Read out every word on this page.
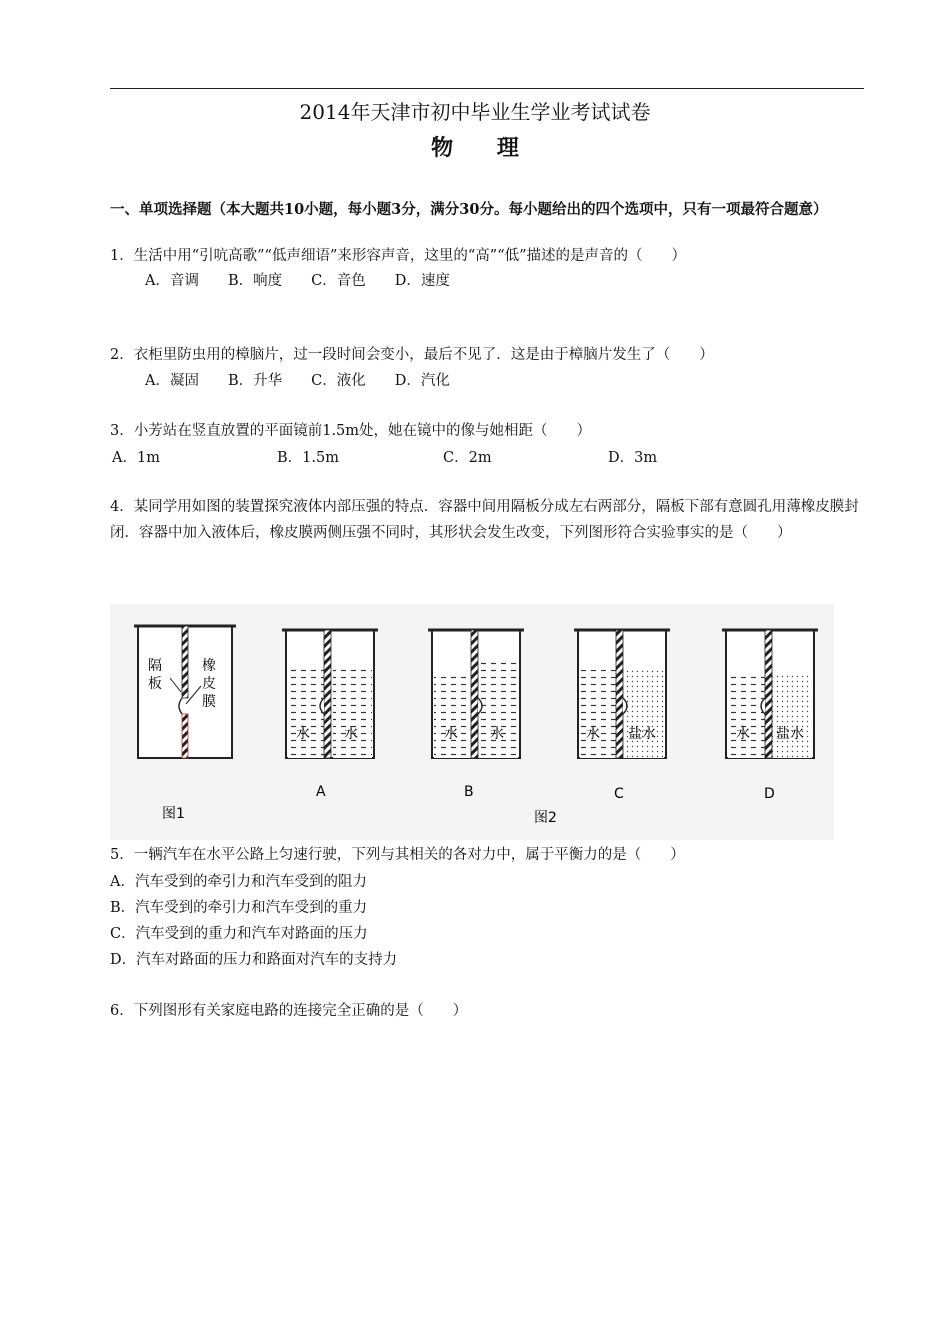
2014年天津市初中毕业生学业考试试卷
物 理
一、单项选择题（本大题共10小题，每小题3分，满分30分。每小题给出的四个选项中，只有一项最符合题意）
1．生活中用“引吭高歌”“低声细语”来形容声音，这里的“高”“低”描述的是声音的（　　）
A．音调　　B．响度　　C．音色　　D．速度
2．衣柜里防虫用的樟脑片，过一段时间会变小，最后不见了．这是由于樟脑片发生了（　　）
A．凝固　　B．升华　　C．液化　　D．汽化
3．小芳站在竖直放置的平面镜前1.5m处，她在镜中的像与她相距（　　）
A．1m	B．1.5m	C．2m	D．3m
4．某同学用如图的装置探究液体内部压强的特点．容器中间用隔板分成左右两部分，隔板下部有意圆孔用薄橡皮膜封闭．容器中加入液体后，橡皮膜两侧压强不同时，其形状会发生改变，下列图形符合实验事实的是（　　）
隔板
橡皮膜
图1
水 水
A
水 水
B
水 盐水
C
水 盐水
D
图2
5．一辆汽车在水平公路上匀速行驶，下列与其相关的各对力中，属于平衡力的是（　　）
A．汽车受到的牵引力和汽车受到的阻力
B．汽车受到的牵引力和汽车受到的重力
C．汽车受到的重力和汽车对路面的压力
D．汽车对路面的压力和路面对汽车的支持力
6．下列图形有关家庭电路的连接完全正确的是（　　）
